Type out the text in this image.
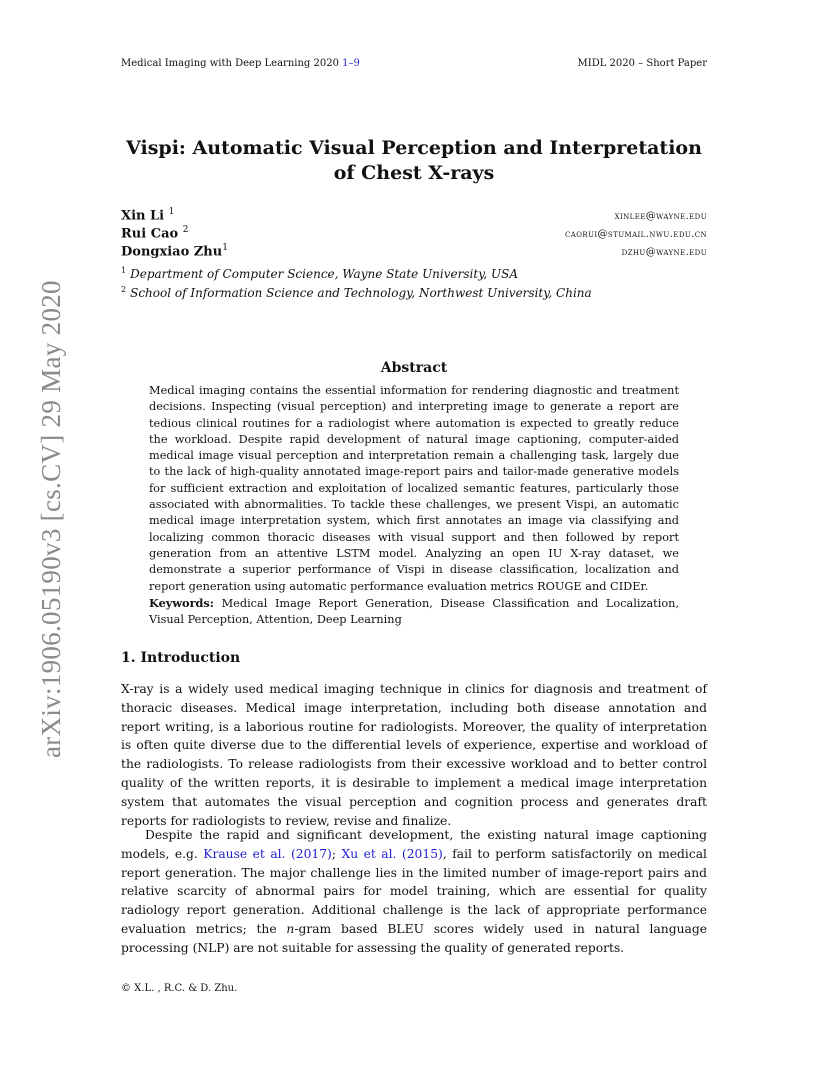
Medical Imaging with Deep Learning 2020 1–9	MIDL 2020 – Short Paper
arXiv:1906.05190v3 [cs.CV] 29 May 2020
Vispi: Automatic Visual Perception and Interpretation of Chest X-rays
Xin Li $^1$	xinlee@wayne.edu
Rui Cao $^2$	caorui@stumail.nwu.edu.cn
Dongxiao Zhu$^1$	dzhu@wayne.edu
$^1$ Department of Computer Science, Wayne State University, USA
$^2$ School of Information Science and Technology, Northwest University, China
Abstract

Medical imaging contains the essential information for rendering diagnostic and treatment decisions. Inspecting (visual perception) and interpreting image to generate a report are tedious clinical routines for a radiologist where automation is expected to greatly reduce the workload. Despite rapid development of natural image captioning, computer-aided medical image visual perception and interpretation remain a challenging task, largely due to the lack of high-quality annotated image-report pairs and tailor-made generative models for sufficient extraction and exploitation of localized semantic features, particularly those associated with abnormalities. To tackle these challenges, we present Vispi, an automatic medical image interpretation system, which first annotates an image via classifying and localizing common thoracic diseases with visual support and then followed by report generation from an attentive LSTM model. Analyzing an open IU X-ray dataset, we demonstrate a superior performance of Vispi in disease classification, localization and report generation using automatic performance evaluation metrics ROUGE and CIDEr.

Keywords: Medical Image Report Generation, Disease Classification and Localization, Visual Perception, Attention, Deep Learning

1. Introduction

X-ray is a widely used medical imaging technique in clinics for diagnosis and treatment of thoracic diseases. Medical image interpretation, including both disease annotation and report writing, is a laborious routine for radiologists. Moreover, the quality of interpretation is often quite diverse due to the differential levels of experience, expertise and workload of the radiologists. To release radiologists from their excessive workload and to better control quality of the written reports, it is desirable to implement a medical image interpretation system that automates the visual perception and cognition process and generates draft reports for radiologists to review, revise and finalize.

Despite the rapid and significant development, the existing natural image captioning models, e.g. Krause et al. (2017); Xu et al. (2015), fail to perform satisfactorily on medical report generation. The major challenge lies in the limited number of image-report pairs and relative scarcity of abnormal pairs for model training, which are essential for quality radiology report generation. Additional challenge is the lack of appropriate performance evaluation metrics; the n-gram based BLEU scores widely used in natural language processing (NLP) are not suitable for assessing the quality of generated reports.

© X.L. , R.C. & D. Zhu.
